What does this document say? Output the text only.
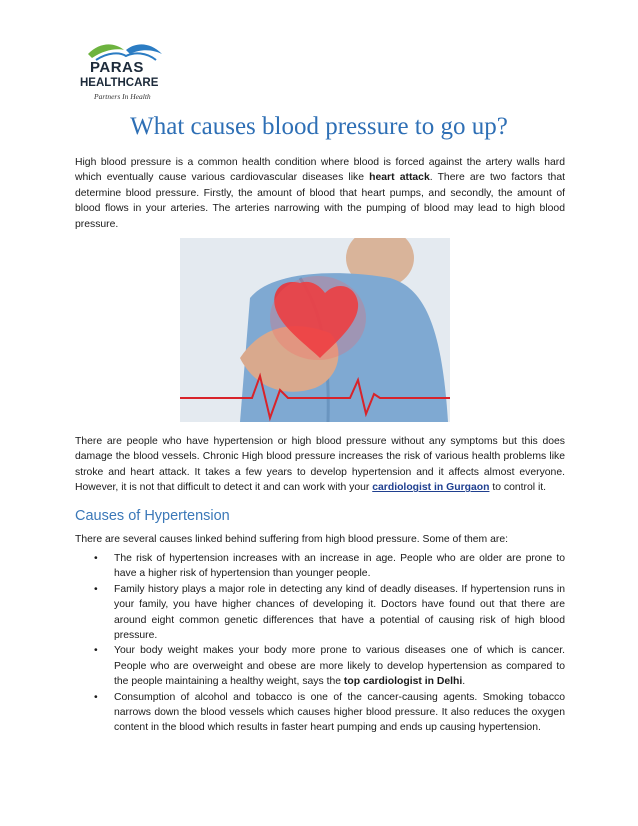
PARAS
HEALTHCARE
Partners In Health
What causes blood pressure to go up?

High blood pressure is a common health condition where blood is forced against the artery walls hard which eventually cause various cardiovascular diseases like heart attack. There are two factors that determine blood pressure. Firstly, the amount of blood that heart pumps, and secondly, the amount of blood flows in your arteries. The arteries narrowing with the pumping of blood may lead to high blood pressure.

There are people who have hypertension or high blood pressure without any symptoms but this does damage the blood vessels. Chronic High blood pressure increases the risk of various health problems like stroke and heart attack. It takes a few years to develop hypertension and it affects almost everyone. However, it is not that difficult to detect it and can work with your cardiologist in Gurgaon to control it.

Causes of Hypertension

There are several causes linked behind suffering from high blood pressure. Some of them are:

• The risk of hypertension increases with an increase in age. People who are older are prone to have a higher risk of hypertension than younger people.
• Family history plays a major role in detecting any kind of deadly diseases. If hypertension runs in your family, you have higher chances of developing it. Doctors have found out that there are around eight common genetic differences that have a potential of causing risk of high blood pressure.
• Your body weight makes your body more prone to various diseases one of which is cancer. People who are overweight and obese are more likely to develop hypertension as compared to the people maintaining a healthy weight, says the top cardiologist in Delhi.
• Consumption of alcohol and tobacco is one of the cancer-causing agents. Smoking tobacco narrows down the blood vessels which causes higher blood pressure. It also reduces the oxygen content in the blood which results in faster heart pumping and ends up causing hypertension.
